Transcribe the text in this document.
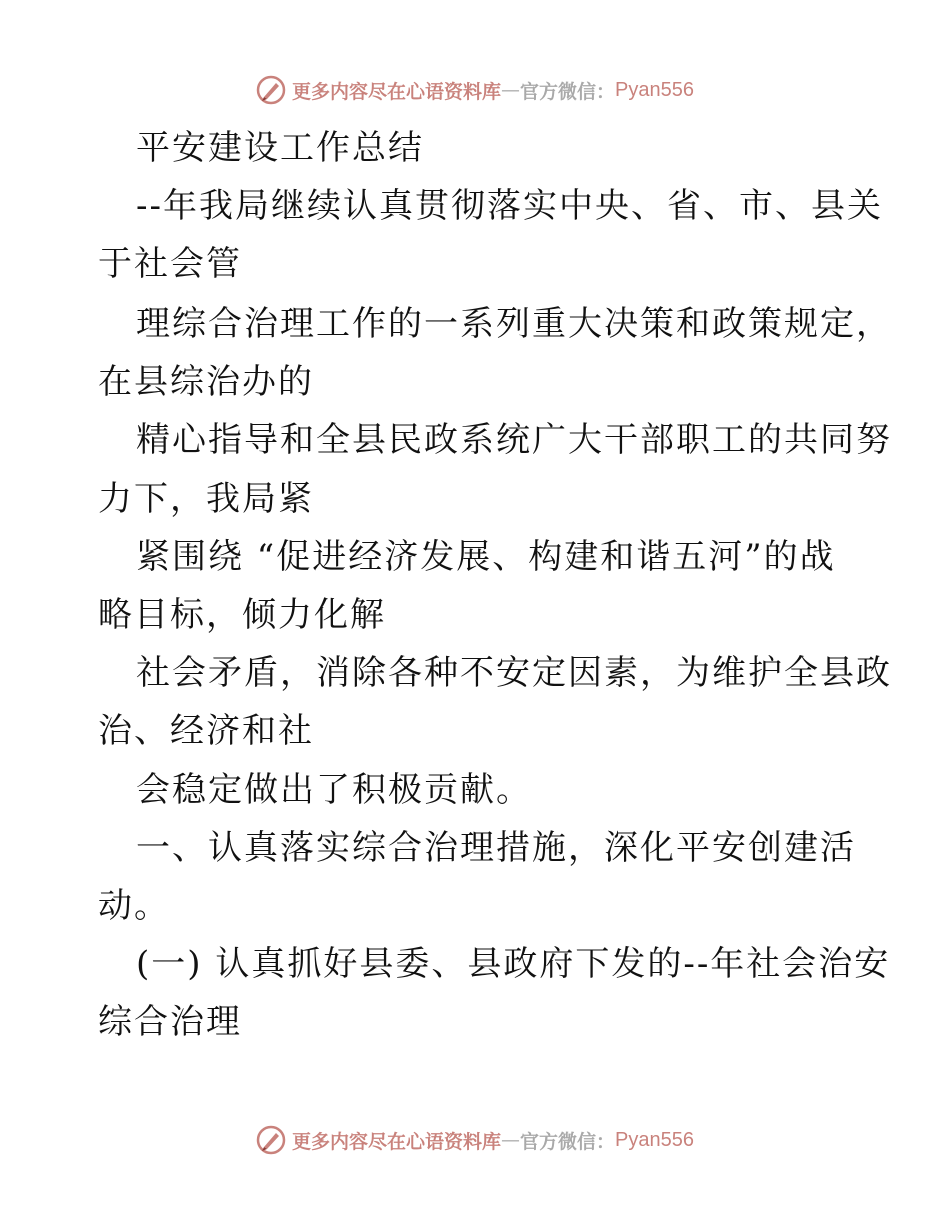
更多内容尽在心语资料库 — 官方微信： Pyan556
平安建设工作总结
--年我局继续认真贯彻落实中央、省、市、县关
于社会管
理综合治理工作的一系列重大决策和政策规定，
在县综治办的
精心指导和全县民政系统广大干部职工的共同努
力下，我局紧
紧围绕 “促进经济发展、构建和谐五河”的战
略目标，倾力化解
社会矛盾，消除各种不安定因素，为维护全县政
治、经济和社
会稳定做出了积极贡献。
一、认真落实综合治理措施，深化平安创建活
动。
(一) 认真抓好县委、县政府下发的--年社会治安
综合治理
更多内容尽在心语资料库 — 官方微信： Pyan556
